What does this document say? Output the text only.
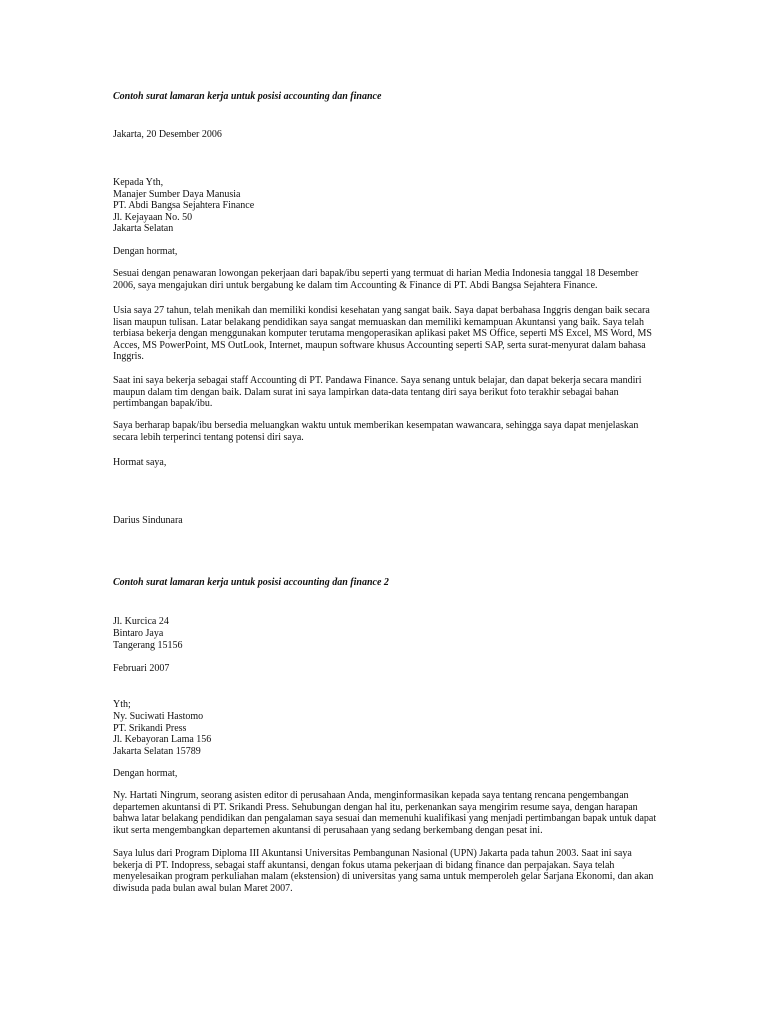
Contoh surat lamaran kerja untuk posisi accounting dan finance
Jakarta, 20 Desember 2006
Kepada Yth,
Manajer Sumber Daya Manusia
PT. Abdi Bangsa Sejahtera Finance
Jl. Kejayaan No. 50
Jakarta Selatan
Dengan hormat,
Sesuai dengan penawaran lowongan pekerjaan dari bapak/ibu seperti yang termuat di harian Media Indonesia tanggal 18 Desember 2006, saya mengajukan diri untuk bergabung ke dalam tim Accounting & Finance di PT. Abdi Bangsa Sejahtera Finance.
Usia saya 27 tahun, telah menikah dan memiliki kondisi kesehatan yang sangat baik. Saya dapat berbahasa Inggris dengan baik secara lisan maupun tulisan. Latar belakang pendidikan saya sangat memuaskan dan memiliki kemampuan Akuntansi yang baik. Saya telah terbiasa bekerja dengan menggunakan komputer terutama mengoperasikan aplikasi paket MS Office, seperti MS Excel, MS Word, MS Acces, MS PowerPoint, MS OutLook, Internet, maupun software khusus Accounting seperti SAP, serta surat-menyurat dalam bahasa Inggris.
Saat ini saya bekerja sebagai staff Accounting di PT. Pandawa Finance. Saya senang untuk belajar, dan dapat bekerja secara mandiri maupun dalam tim dengan baik. Dalam surat ini saya lampirkan data-data tentang diri saya berikut foto terakhir sebagai bahan pertimbangan bapak/ibu.
Saya berharap bapak/ibu bersedia meluangkan waktu untuk memberikan kesempatan wawancara, sehingga saya dapat menjelaskan secara lebih terperinci tentang potensi diri saya.
Hormat saya,
Darius Sindunara
Contoh surat lamaran kerja untuk posisi accounting dan finance 2
Jl. Kurcica 24
Bintaro Jaya
Tangerang 15156
Februari 2007
Yth;
Ny. Suciwati Hastomo
PT. Srikandi Press
Jl. Kebayoran Lama 156
Jakarta Selatan 15789
Dengan hormat,
Ny. Hartati Ningrum, seorang asisten editor di perusahaan Anda, menginformasikan kepada saya tentang rencana pengembangan departemen akuntansi di PT. Srikandi Press. Sehubungan dengan hal itu, perkenankan saya mengirim resume saya, dengan harapan bahwa latar belakang pendidikan dan pengalaman saya sesuai dan memenuhi kualifikasi yang menjadi pertimbangan bapak untuk dapat ikut serta mengembangkan departemen akuntansi di perusahaan yang sedang berkembang dengan pesat ini.
Saya lulus dari Program Diploma III Akuntansi Universitas Pembangunan Nasional (UPN) Jakarta pada tahun 2003. Saat ini saya bekerja di PT. Indopress, sebagai staff akuntansi, dengan fokus utama pekerjaan di bidang finance dan perpajakan. Saya telah menyelesaikan program perkuliahan malam (ekstension) di universitas yang sama untuk memperoleh gelar Sarjana Ekonomi, dan akan diwisuda pada bulan awal bulan Maret 2007.
